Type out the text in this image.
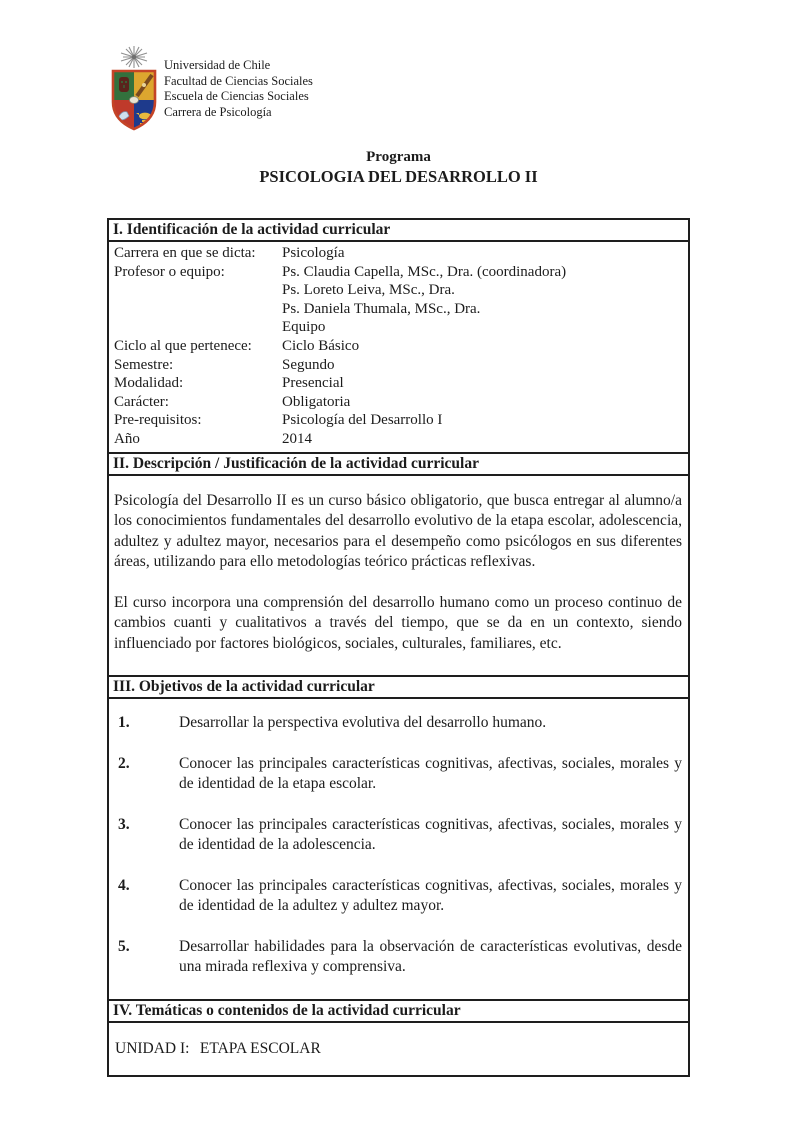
Universidad de Chile
Facultad de Ciencias Sociales
Escuela de Ciencias Sociales
Carrera de Psicología
Programa
PSICOLOGIA DEL DESARROLLO II
I. Identificación de la actividad curricular
Carrera en que se dicta:	Psicología
Profesor o equipo:	Ps. Claudia Capella, MSc., Dra. (coordinadora)
Ps. Loreto Leiva, MSc., Dra.
Ps. Daniela Thumala, MSc., Dra.
Equipo
Ciclo al que pertenece:	Ciclo Básico
Semestre:	Segundo
Modalidad:	Presencial
Carácter:	Obligatoria
Pre-requisitos:	Psicología del Desarrollo I
Año	2014
II. Descripción / Justificación de la actividad curricular

Psicología del Desarrollo II es un curso básico obligatorio, que busca entregar al alumno/a los conocimientos fundamentales del desarrollo evolutivo de la etapa escolar, adolescencia, adultez y adultez mayor, necesarios para el desempeño como psicólogos en sus diferentes áreas, utilizando para ello metodologías teórico prácticas reflexivas.

El curso incorpora una comprensión del desarrollo humano como un proceso continuo de cambios cuanti y cualitativos a través del tiempo, que se da en un contexto, siendo influenciado por factores biológicos, sociales, culturales, familiares, etc.

III. Objetivos de la actividad curricular
1.	Desarrollar la perspectiva evolutiva del desarrollo humano.
2.	Conocer las principales características cognitivas, afectivas, sociales, morales y de identidad de la etapa escolar.
3.	Conocer las principales características cognitivas, afectivas, sociales, morales y de identidad de la adolescencia.
4.	Conocer las principales características cognitivas, afectivas, sociales, morales y de identidad de la adultez y adultez mayor.
5.	Desarrollar habilidades para la observación de características evolutivas, desde una mirada reflexiva y comprensiva.
IV. Temáticas o contenidos de la actividad curricular
UNIDAD I: ETAPA ESCOLAR
